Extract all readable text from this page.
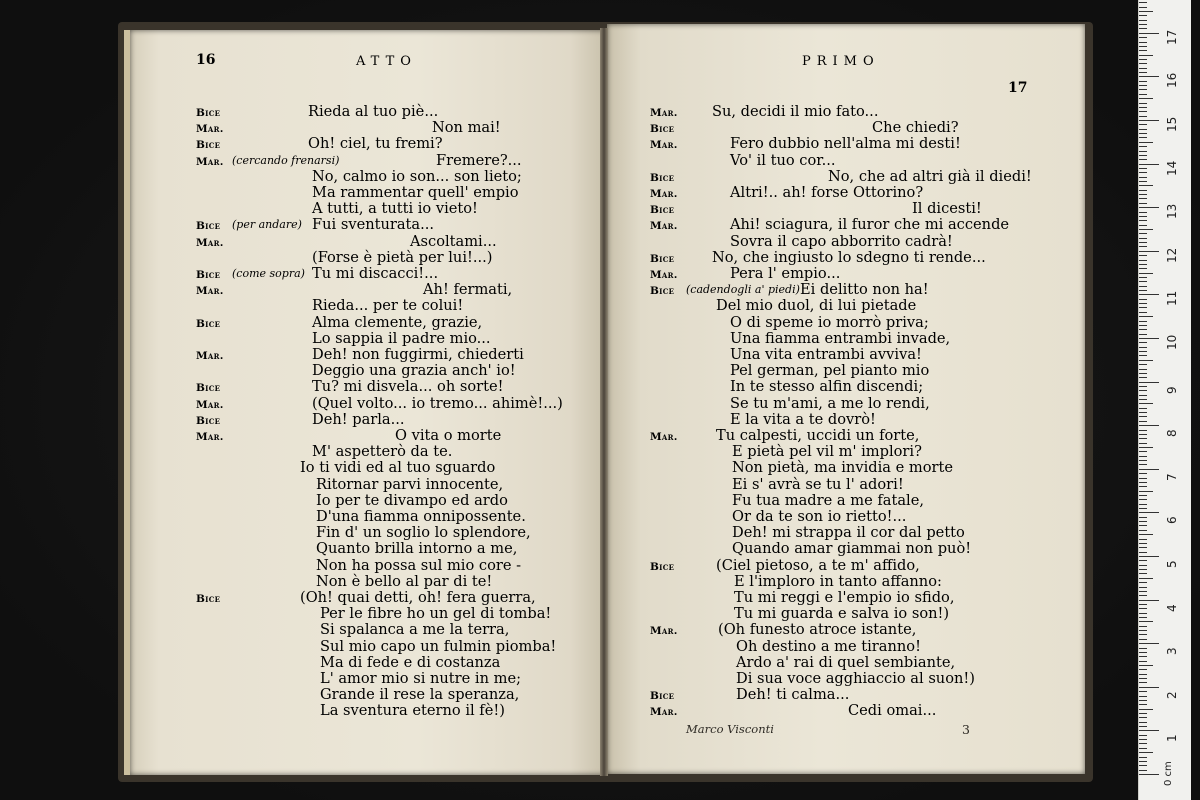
16	ATTO	PRIMO
17
Bice	Rieda al tuo piè...
Mar.	Non mai!
Bice	Oh! ciel, tu fremi?
Mar. (cercando frenarsi)	Fremere?...
No, calmo io son... son lieto;
Ma rammentar quell' empio
A tutti, a tutti io vieto!
Bice (per andare) Fui sventurata...
Mar.	Ascoltami...
(Forse è pietà per lui!...)
Bice (come sopra) Tu mi discacci!...
Mar.	Ah! fermati,
Rieda... per te colui!
Bice	Alma clemente, grazie,
Lo sappia il padre mio...
Mar.	Deh! non fuggirmi, chiederti
Deggio una grazia anch' io!
Bice	Tu? mi disvela... oh sorte!
Mar.	(Quel volto... io tremo... ahimè!...)
Bice	Deh! parla...
Mar.	O vita o morte
M' aspetterò da te.
Io ti vidi ed al tuo sguardo
Ritornar parvi innocente,
Io per te divampo ed ardo
D'una fiamma onnipossente.
Fin d' un soglio lo splendore,
Quanto brilla intorno a me,
Non ha possa sul mio core -
Non è bello al par di te!
Bice	(Oh! quai detti, oh! fera guerra,
Per le fibre ho un gel di tomba!
Si spalanca a me la terra,
Sul mio capo un fulmin piomba!
Ma di fede e di costanza
L' amor mio si nutre in me;
Grande il rese la speranza,
La sventura eterno il fè!)
Mar. Su, decidi il mio fato...
Bice	Che chiedi?
Mar.	Fero dubbio nell'alma mi desti!
Vo' il tuo cor...
Bice	No, che ad altri già il diedi!
Mar.	Altri!.. ah! forse Ottorino?
Bice	Il dicesti!
Mar.	Ahi! sciagura, il furor che mi accende
Sovra il capo abborrito cadrà!
Bice	No, che ingiusto lo sdegno ti rende...
Mar.	Pera l' empio...
Bice (cadendogli a' piedi) Ei delitto non ha!
Del mio duol, di lui pietade
O di speme io morrò priva;
Una fiamma entrambi invade,
Una vita entrambi avviva!
Pel german, pel pianto mio
In te stesso alfin discendi;
Se tu m'ami, a me lo rendi,
E la vita a te dovrò!
Mar.	Tu calpesti, uccidi un forte,
E pietà pel vil m' implori?
Non pietà, ma invidia e morte
Ei s' avrà se tu l' adori!
Fu tua madre a me fatale,
Or da te son io rietto!...
Deh! mi strappa il cor dal petto
Quando amar giammai non può!
Bice	(Ciel pietoso, a te m' affido,
E l'imploro in tanto affanno:
Tu mi reggi e l'empio io sfido,
Tu mi guarda e salva io son!)
Mar.	(Oh funesto atroce istante,
Oh destino a me tiranno!
Ardo a' rai di quel sembiante,
Di sua voce agghiaccio al suon!)
Bice	Deh! ti calma...
Mar.	Cedi omai...
Marco Visconti	3
0 cm
1
2
3
4
5
6
7
8
9
10
11
12
13
14
15
16
17
